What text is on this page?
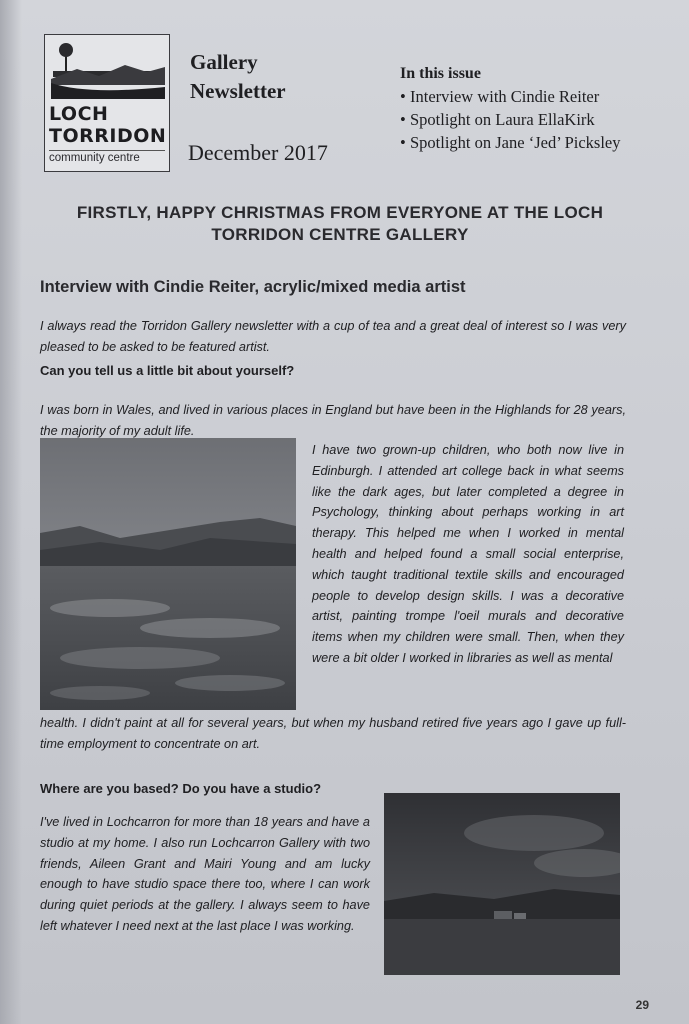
LOCH
TORRIDON
community centre
Gallery
Newsletter
December 2017
In this issue
• Interview with Cindie Reiter
• Spotlight on Laura EllaKirk
• Spotlight on Jane ‘Jed’ Picksley
FIRSTLY, HAPPY CHRISTMAS FROM EVERYONE AT THE LOCH TORRIDON CENTRE GALLERY
Interview with Cindie Reiter, acrylic/mixed media artist
I always read the Torridon Gallery newsletter with a cup of tea and a great deal of interest so I was very pleased to be asked to be featured artist.
Can you tell us a little bit about yourself?
I was born in Wales, and lived in various places in England but have been in the Highlands for 28 years, the majority of my adult life.
I have two grown-up children, who both now live in Edinburgh. I attended art college back in what seems like the dark ages, but later completed a degree in Psychology, thinking about perhaps working in art therapy. This helped me when I worked in mental health and helped found a small social enterprise, which taught traditional textile skills and encouraged people to develop design skills. I was a decorative artist, painting trompe l'oeil murals and decorative items when my children were small. Then, when they were a bit older I worked in libraries as well as mental
health. I didn't paint at all for several years, but when my husband retired five years ago I gave up full-time employment to concentrate on art.
Where are you based? Do you have a studio?
I've lived in Lochcarron for more than 18 years and have a studio at my home. I also run Lochcarron Gallery with two friends, Aileen Grant and Mairi Young and am lucky enough to have studio space there too, where I can work during quiet periods at the gallery. I always seem to have left whatever I need next at the last place I was working.
29
